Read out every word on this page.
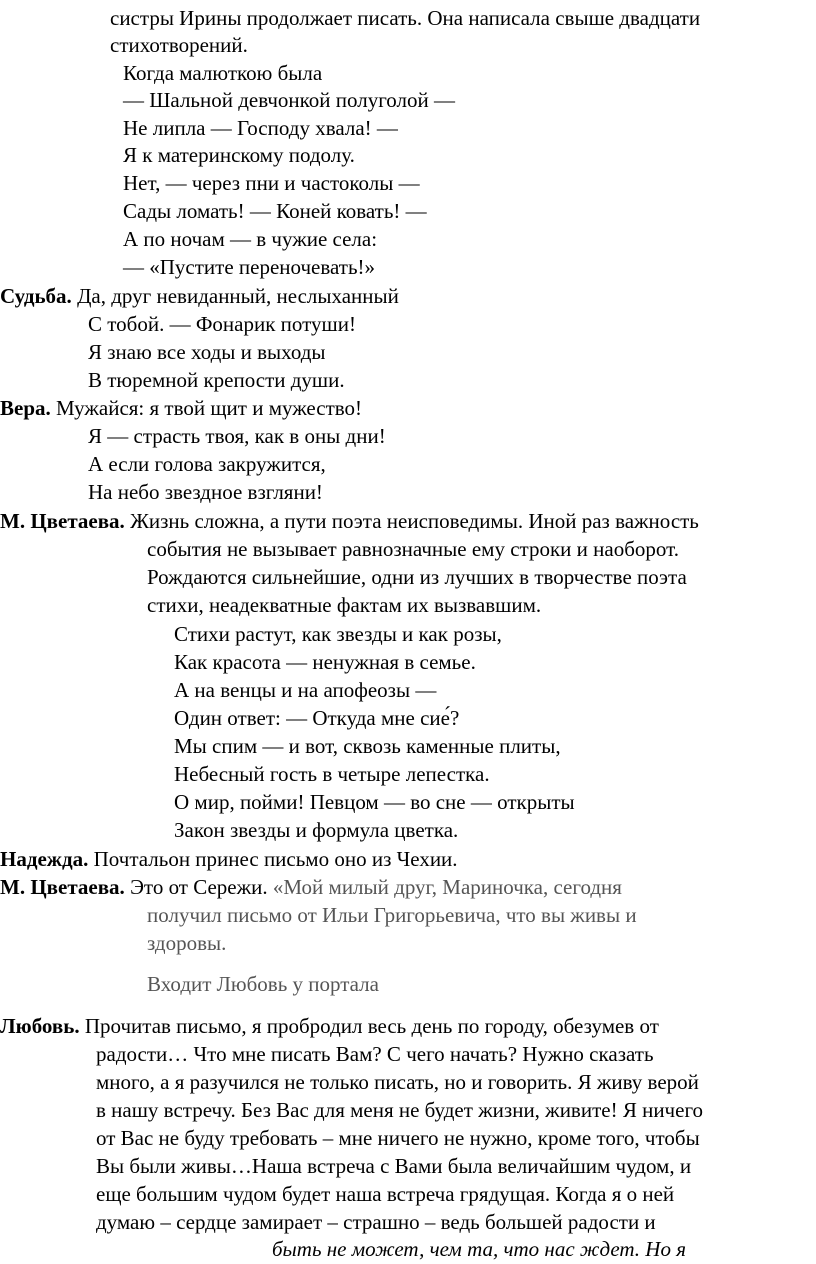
систры Ирины продолжает писать. Она написала свыше двадцати
стихотворений.
Когда малюткою была
— Шальной девчонкой полуголой —
Не липла — Господу хвала! —
Я к материнскому подолу.
Нет, — через пни и частоколы —
Сады ломать! — Коней ковать! —
А по ночам — в чужие села:
— «Пустите переночевать!»
Судьба. Да, друг невиданный, неслыханный
С тобой. — Фонарик потуши!
Я знаю все ходы и выходы
В тюремной крепости души.
Вера. Мужайся: я твой щит и мужество!
Я — страсть твоя, как в оны дни!
А если голова закружится,
На небо звездное взгляни!
М. Цветаева. Жизнь сложна, а пути поэта неисповедимы. Иной раз важность
события не вызывает равнозначные ему строки и наоборот.
Рождаются сильнейшие, одни из лучших в творчестве поэта
стихи, неадекватные фактам их вызвавшим.
Стихи растут, как звезды и как розы,
Как красота — ненужная в семье.
А на венцы и на апофеозы —
Один ответ: — Откуда мне сие́?
Мы спим — и вот, сквозь каменные плиты,
Небесный гость в четыре лепестка.
О мир, пойми! Певцом — во сне — открыты
Закон звезды и формула цветка.
Надежда. Почтальон принес письмо оно из Чехии.
М. Цветаева. Это от Сережи. «Мой милый друг, Мариночка, сегодня
получил письмо от Ильи Григорьевича, что вы живы и
здоровы.
Входит Любовь у портала
Любовь. Прочитав письмо, я пробродил весь день по городу, обезумев от
радости… Что мне писать Вам? С чего начать? Нужно сказать
много, а я разучился не только писать, но и говорить. Я живу верой
в нашу встречу. Без Вас для меня не будет жизни, живите! Я ничего
от Вас не буду требовать – мне ничего не нужно, кроме того, чтобы
Вы были живы…Наша встреча с Вами была величайшим чудом, и
еще большим чудом будет наша встреча грядущая. Когда я о ней
думаю – сердце замирает – страшно – ведь большей радости и
быть не может, чем та, что нас ждет. Но я
